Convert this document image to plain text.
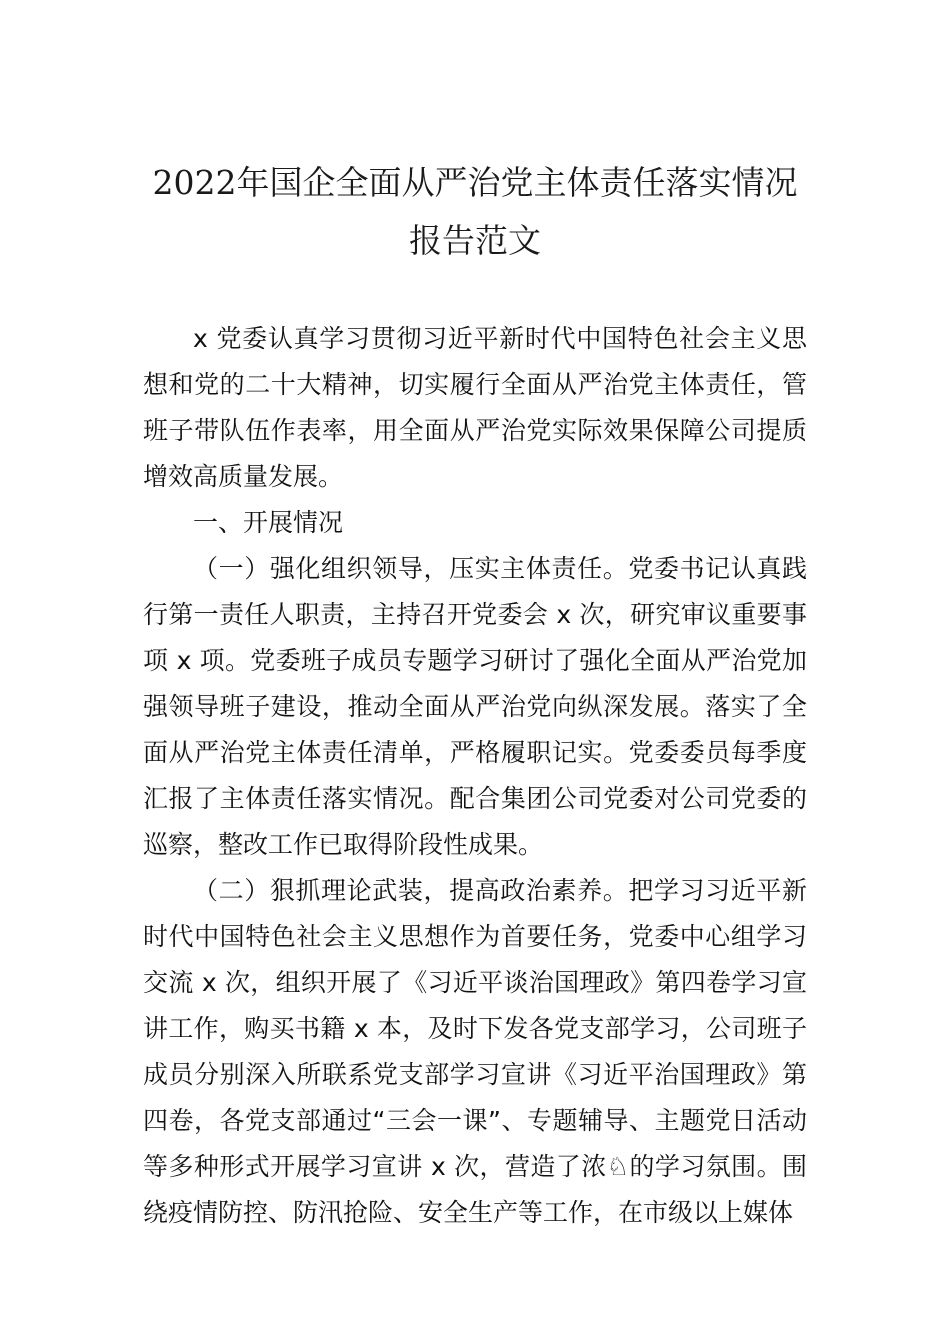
2022年国企全面从严治党主体责任落实情况报告范文

x 党委认真学习贯彻习近平新时代中国特色社会主义思想和党的二十大精神，切实履行全面从严治党主体责任，管班子带队伍作表率，用全面从严治党实际效果保障公司提质增效高质量发展。

一、开展情况

（一）强化组织领导，压实主体责任。党委书记认真践行第一责任人职责，主持召开党委会 x 次，研究审议重要事项 x 项。党委班子成员专题学习研讨了强化全面从严治党加强领导班子建设，推动全面从严治党向纵深发展。落实了全面从严治党主体责任清单，严格履职记实。党委委员每季度汇报了主体责任落实情况。配合集团公司党委对公司党委的巡察，整改工作已取得阶段性成果。

（二）狠抓理论武装，提高政治素养。把学习习近平新时代中国特色社会主义思想作为首要任务，党委中心组学习交流 x 次，组织开展了《习近平谈治国理政》第四卷学习宣讲工作，购买书籍 x 本，及时下发各党支部学习，公司班子成员分别深入所联系党支部学习宣讲《习近平治国理政》第四卷，各党支部通过“三会一课”、专题辅导、主题党日活动等多种形式开展学习宣讲 x 次，营造了浓♘的学习氛围。围绕疫情防控、防汛抢险、安全生产等工作，在市级以上媒体
